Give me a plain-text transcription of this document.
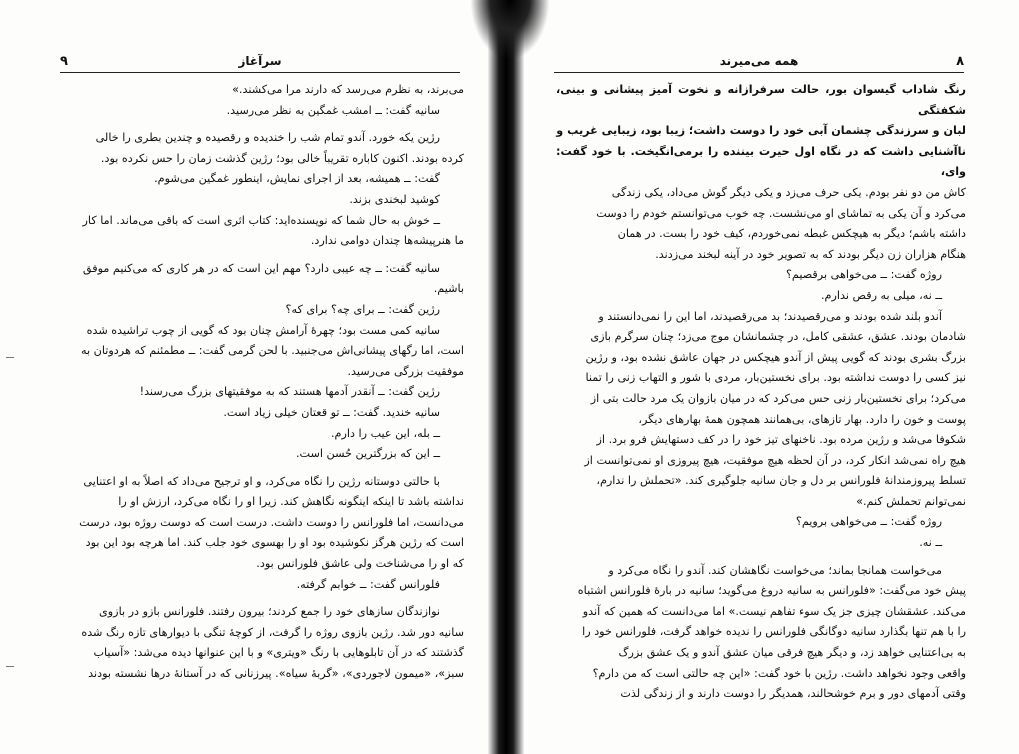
سرآغاز
۹

می‌برند، به نظرم می‌رسد که دارند مرا می‌کشند.»

سانیه گفت: ــ امشب غمگین به نظر می‌رسید.

رژین یکه خورد. آندو تمام شب را خندیده و رقصیده و چندین بطری را خالی

کرده بودند. اکنون کاباره تقریباً خالی بود؛ رژین گذشت زمان را حس نکرده بود.

گفت: ــ همیشه، بعد از اجرای نمایش، اینطور غمگین می‌شوم.

کوشید لبخندی بزند.

ــ خوش به حال شما که نویسنده‌اید: کتاب اثری است که باقی می‌ماند. اما کار

ما هنرپیشه‌ها چندان دوامی ندارد.

سانیه گفت: ــ چه عیبی دارد؟ مهم این است که در هر کاری که می‌کنیم موفق

باشیم.

رژین گفت: ــ برای چه؟ برای که؟

سانیه کمی مست بود؛ چهرهٔ آرامش چنان بود که گویی از چوب تراشیده شده

است، اما رگهای پیشانی‌اش می‌جنبید. با لحن گرمی گفت: ــ مطمئنم که هردوتان به

موفقیت بزرگی می‌رسید.

رژین گفت: ــ آنقدر آدمها هستند که به موفقیتهای بزرگ می‌رسند!

سانیه خندید. گفت: ــ تو قعتان خیلی زیاد است.

ــ بله، این عیب را دارم.

ــ این که بزرگترین حُسن است.

با حالتی دوستانه رژین را نگاه می‌کرد، و او ترجیح می‌داد که اصلاً به او اعتنایی

نداشته باشد تا اینکه اینگونه نگاهش کند. زیرا او را نگاه می‌کرد، ارزش او را

می‌دانست، اما فلورانس را دوست داشت. درست است که دوست روژه بود، درست

است که رژین هرگز نکوشیده بود او را بهسوی خود جلب کند. اما هرچه بود این بود

که او را می‌شناخت ولی عاشق فلورانس بود.

فلورانس گفت: ــ خوابم گرفته.

نوازندگان سازهای خود را جمع کردند؛ بیرون رفتند. فلورانس بازو در بازوی

سانیه دور شد. رژین بازوی روژه را گرفت، از کوچهٔ تنگی با دیوارهای تازه رنگ شده

گذشتند که در آن تابلوهایی با رنگ «ویتری» و با این عنوانها دیده می‌شد: «آسیاب

سبز»، «میمون لاجوردی»، «گربهٔ سیاه». پیرزنانی که در آستانهٔ درها نشسته بودند

همه می‌میرند	۸

رنگ شاداب گیسوان بور، حالت سرفرازانه و نخوت آمیز پیشانی و بینی، شکفتگی

لبان و سرزندگی چشمان آبی خود را دوست داشت؛ زیبا بود، زیبایی غریب و

ناآشنایی داشت که در نگاه اول حیرت بیننده را برمی‌انگیخت. با خود گفت: وای،

کاش من دو نفر بودم. یکی حرف می‌زد و یکی دیگر گوش می‌داد، یکی زندگی

می‌کرد و آن یکی به تماشای او می‌نشست. چه خوب می‌توانستم خودم را دوست

داشته باشم؛ دیگر به هیچکس غبطه نمی‌خوردم، کیف خود را بست. در همان

هنگام هزاران زن دیگر بودند که به تصویر خود در آینه لبخند می‌زدند.

روژه گفت: ــ می‌خواهی برقصیم؟

ــ نه، میلی به رقص ندارم.

آندو بلند شده بودند و می‌رقصیدند؛ بد می‌رقصیدند، اما این را نمی‌دانستند و

شادمان بودند. عشق، عشقی کامل، در چشمانشان موج می‌زد؛ چنان سرگرم بازی

بزرگ بشری بودند که گویی پیش از آندو هیچکس در جهان عاشق نشده بود، و رژین

نیز کسی را دوست نداشته بود. برای نخستین‌بار، مردی با شور و التهاب زنی را تمنا

می‌کرد؛ برای نخستین‌بار زنی حس می‌کرد که در میان بازوان یک مرد حالت بتی از

پوست و خون را دارد. بهار تازهای، بی‌همانند همچون همهٔ بهارهای دیگر،

شکوفا می‌شد و رژین مرده بود. ناخنهای تیز خود را در کف دستهایش فرو برد. از

هیچ راه نمی‌شد انکار کرد، در آن لحظه هیچ موفقیت، هیچ پیروزی او نمی‌توانست از

تسلط پیروزمندانهٔ فلورانس بر دل و جان سانیه جلوگیری کند. «تحملش را ندارم،

نمی‌توانم تحملش کنم.»

روژه گفت: ــ می‌خواهی برویم؟

ــ نه.

می‌خواست همانجا بماند؛ می‌خواست نگاهشان کند. آندو را نگاه می‌کرد و

پیش خود می‌گفت: «فلورانس به سانیه دروغ می‌گوید؛ سانیه در بارهٔ فلورانس اشتباه

می‌کند. عشقشان چیزی جز یک سوء تفاهم نیست.» اما می‌دانست که همین که آندو

را با هم تنها بگذارد سانیه دوگانگی فلورانس را ندیده خواهد گرفت، فلورانس خود را

به بی‌اعتنایی خواهد زد، و دیگر هیچ فرقی میان عشق آندو و یک عشق بزرگ

واقعی وجود نخواهد داشت. رژین با خود گفت: «این چه حالتی است که من دارم؟

وقتی آدمهای دور و برم خوشحالند، همدیگر را دوست دارند و از زندگی لذت
